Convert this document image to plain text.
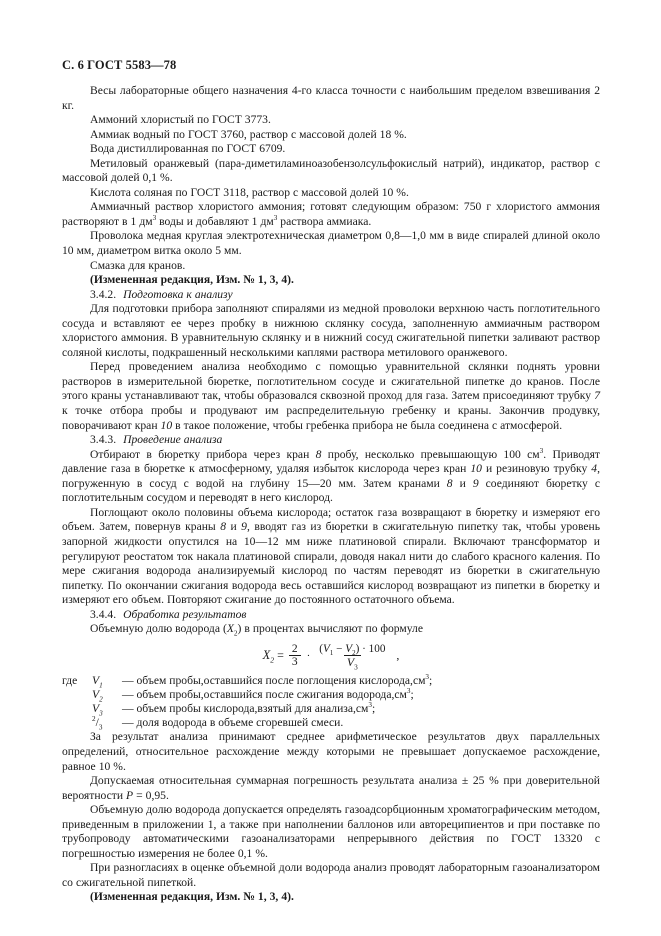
С. 6 ГОСТ 5583—78

Весы лабораторные общего назначения 4-го класса точности с наибольшим пределом взвешивания 2 кг.

Аммоний хлористый по ГОСТ 3773.

Аммиак водный по ГОСТ 3760, раствор с массовой долей 18 %.

Вода дистиллированная по ГОСТ 6709.

Метиловый оранжевый (пара-диметиламиноазобензолсульфокислый натрий), индикатор, раствор с массовой долей 0,1 %.

Кислота соляная по ГОСТ 3118, раствор с массовой долей 10 %.

Аммиачный раствор хлористого аммония; готовят следующим образом: 750 г хлористого аммония растворяют в 1 $дм^3$ воды и добавляют 1 $дм^3$ раствора аммиака.

Проволока медная круглая электротехническая диаметром 0,8—1,0 мм в виде спиралей длиной около 10 мм, диаметром витка около 5 мм.

Смазка для кранов.

(Измененная редакция, Изм. № 1, 3, 4).

3.4.2. Подготовка к анализу

Для подготовки прибора заполняют спиралями из медной проволоки верхнюю часть поглотительного сосуда и вставляют ее через пробку в нижнюю склянку сосуда, заполненную аммиачным раствором хлористого аммония. В уравнительную склянку и в нижний сосуд сжигательной пипетки заливают раствор соляной кислоты, подкрашенный несколькими каплями раствора метилового оранжевого.

Перед проведением анализа необходимо с помощью уравнительной склянки поднять уровни растворов в измерительной бюретке, поглотительном сосуде и сжигательной пипетке до кранов. После этого краны устанавливают так, чтобы образовался сквозной проход для газа. Затем присоединяют трубку 7 к точке отбора пробы и продувают им распределительную гребенку и краны. Закончив продувку, поворачивают кран 10 в такое положение, чтобы гребенка прибора не была соединена с атмосферой.

3.4.3. Проведение анализа

Отбирают в бюретку прибора через кран 8 пробу, несколько превышающую 100 $см^3$. Приводят давление газа в бюретке к атмосферному, удаляя избыток кислорода через кран 10 и резиновую трубку 4, погруженную в сосуд с водой на глубину 15—20 мм. Затем кранами 8 и 9 соединяют бюретку с поглотительным сосудом и переводят в него кислород.

Поглощают около половины объема кислорода; остаток газа возвращают в бюретку и измеряют его объем. Затем, повернув краны 8 и 9, вводят газ из бюретки в сжигательную пипетку так, чтобы уровень запорной жидкости опустился на 10—12 мм ниже платиновой спирали. Включают трансформатор и регулируют реостатом ток накала платиновой спирали, доводя накал нити до слабого красного каления. По мере сжигания водорода анализируемый кислород по частям переводят из бюретки в сжигательную пипетку. По окончании сжигания водорода весь оставшийся кислород возвращают из пипетки в бюретку и измеряют его объем. Повторяют сжигание до постоянного остаточного объема.

3.4.4. Обработка результатов

Объемную долю водорода $(X_2)$ в процентах вычисляют по формуле

$X_2 = \frac{2}{3} \cdot \frac{(V_1 - V_2) \cdot 100}{V_3}$ ,
где	$V_1$	— объем пробы,оставшийся после поглощения $кислорода,см^3$;
$V_2$	— объем пробы,оставшийся после сжигания $водорода,см^3$;
$V_3$	— объем пробы кислорода,взятый для $анализа,см^3$;
$^2/_3$	— доля водорода в объеме сгоревшей смеси.

За результат анализа принимают среднее арифметическое результатов двух параллельных определений, относительное расхождение между которыми не превышает допускаемое расхождение, равное 10 %.

Допускаемая относительная суммарная погрешность результата анализа ± 25 % при доверительной вероятности P = 0,95.

Объемную долю водорода допускается определять газоадсорбционным хроматографическим методом, приведенным в приложении 1, а также при наполнении баллонов или автореципиентов и при поставке по трубопроводу автоматическими газоанализаторами непрерывного действия по ГОСТ 13320 с погрешностью измерения не более 0,1 %.

При разногласиях в оценке объемной доли водорода анализ проводят лабораторным газоанализатором со сжигательной пипеткой.

(Измененная редакция, Изм. № 1, 3, 4).
